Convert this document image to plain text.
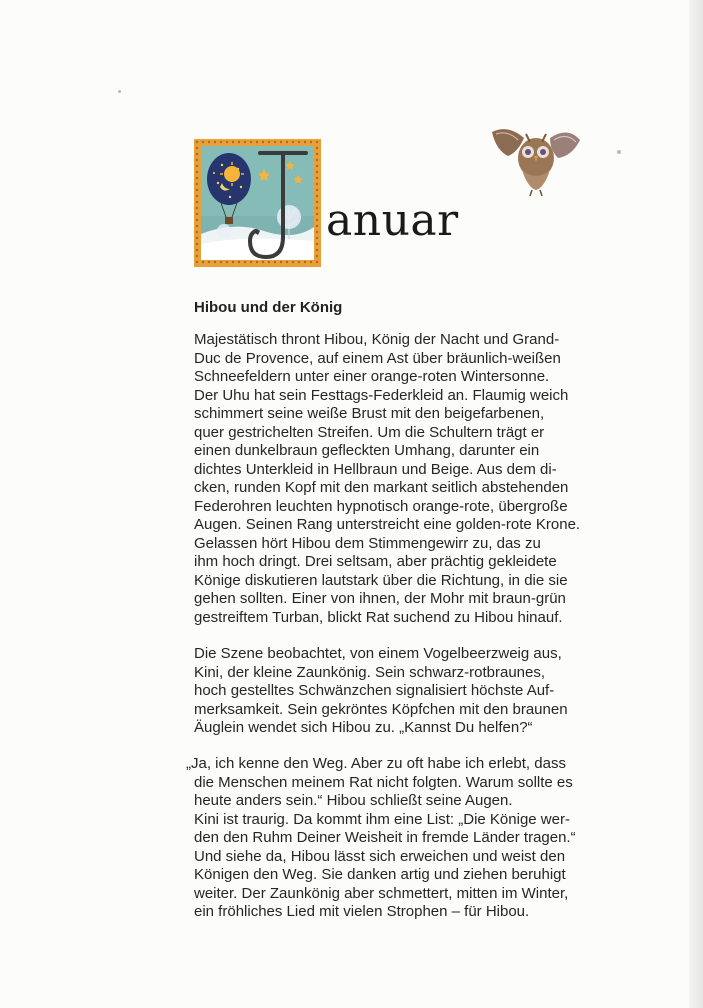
anuar
Hibou und der König
Majestätisch thront Hibou, König der Nacht und Grand-
Duc de Provence, auf einem Ast über bräunlich-weißen
Schneefeldern unter einer orange-roten Wintersonne.
Der Uhu hat sein Festtags-Federkleid an. Flaumig weich
schimmert seine weiße Brust mit den beigefarbenen,
quer gestrichelten Streifen. Um die Schultern trägt er
einen dunkelbraun gefleckten Umhang, darunter ein
dichtes Unterkleid in Hellbraun und Beige. Aus dem di-
cken, runden Kopf mit den markant seitlich abstehenden
Federohren leuchten hypnotisch orange-rote, übergroße
Augen. Seinen Rang unterstreicht eine golden-rote Krone.
Gelassen hört Hibou dem Stimmengewirr zu, das zu
ihm hoch dringt. Drei seltsam, aber prächtig gekleidete
Könige diskutieren lautstark über die Richtung, in die sie
gehen sollten. Einer von ihnen, der Mohr mit braun-grün
gestreiftem Turban, blickt Rat suchend zu Hibou hinauf.
Die Szene beobachtet, von einem Vogelbeerzweig aus,
Kini, der kleine Zaunkönig. Sein schwarz-rotbraunes,
hoch gestelltes Schwänzchen signalisiert höchste Auf-
merksamkeit. Sein gekröntes Köpfchen mit den braunen
Äuglein wendet sich Hibou zu. „Kannst Du helfen?“
„Ja, ich kenne den Weg. Aber zu oft habe ich erlebt, dass
die Menschen meinem Rat nicht folgten. Warum sollte es
heute anders sein.“ Hibou schließt seine Augen.
Kini ist traurig. Da kommt ihm eine List: „Die Könige wer-
den den Ruhm Deiner Weisheit in fremde Länder tragen.“
Und siehe da, Hibou lässt sich erweichen und weist den
Königen den Weg. Sie danken artig und ziehen beruhigt
weiter. Der Zaunkönig aber schmettert, mitten im Winter,
ein fröhliches Lied mit vielen Strophen – für Hibou.
